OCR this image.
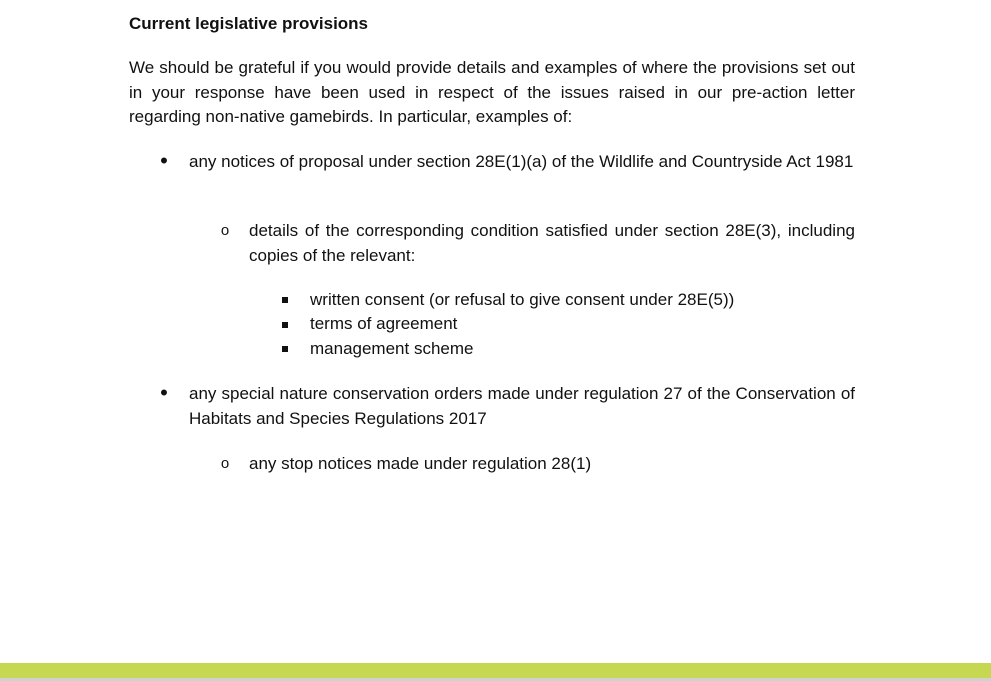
Current legislative provisions

We should be grateful if you would provide details and examples of where the provisions set out in your response have been used in respect of the issues raised in our pre-action letter regarding non-native gamebirds. In particular, examples of:

• any notices of proposal under section 28E(1)(a) of the Wildlife and Countryside Act 1981

o details of the corresponding condition satisfied under section 28E(3), including copies of the relevant:

written consent (or refusal to give consent under 28E(5))

terms of agreement

management scheme

• any special nature conservation orders made under regulation 27 of the Conservation of Habitats and Species Regulations 2017

o any stop notices made under regulation 28(1)
